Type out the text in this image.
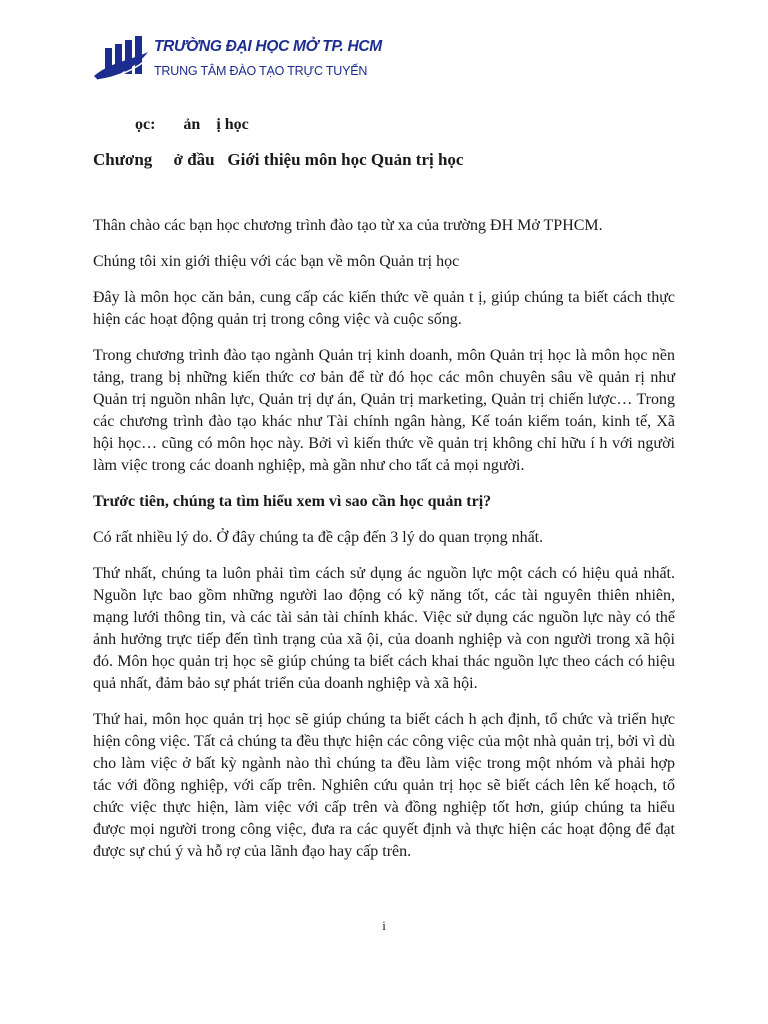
TRƯỜNG ĐẠI HỌC MỞ TP. HCM
TRUNG TÂM ĐÀO TẠO TRỰC TUYẾN
ọc:       ản    ị học
Chương     ở đầu   Giới thiệu môn học Quản trị học

Thân chào các bạn học chương trình đào tạo từ xa của trường ĐH Mở TPHCM.

Chúng tôi xin giới thiệu với các bạn về môn Quản trị học

Đây là môn học căn bản, cung cấp các kiến thức về quản t ị, giúp chúng ta biết cách thực hiện các hoạt động quản trị trong công việc và cuộc sống.

Trong chương trình đào tạo ngành Quản trị kinh doanh, môn Quản trị học là môn học nền tảng, trang bị những kiến thức cơ bản để từ đó học các môn chuyên sâu về quản rị như Quản trị nguồn nhân lực, Quản trị dự án, Quản trị marketing, Quản trị chiến lược… Trong các chương trình đào tạo khác như Tài chính ngân hàng, Kế toán kiểm toán, kinh tế, Xã hội học… cũng có môn học này. Bởi vì kiến thức về quản trị không chỉ hữu í h với người làm việc trong các doanh nghiệp, mà gần như cho tất cả mọi người.

Trước tiên, chúng ta tìm hiểu xem vì sao cần học quản trị?

Có rất nhiều lý do. Ở đây chúng ta đề cập đến 3 lý do quan trọng nhất.

Thứ nhất, chúng ta luôn phải tìm cách sử dụng ác nguồn lực một cách có hiệu quả nhất. Nguồn lực bao gồm những người lao động có kỹ năng tốt, các tài nguyên thiên nhiên, mạng lưới thông tin, và các tài sản tài chính khác. Việc sử dụng các nguồn lực này có thể ảnh hưởng trực tiếp đến tình trạng của xã ội, của doanh nghiệp và con người trong xã hội đó. Môn học quản trị học sẽ giúp chúng ta biết cách khai thác nguồn lực theo cách có hiệu quả nhất, đảm bảo sự phát triển của doanh nghiệp và xã hội.

Thứ hai, môn học quản trị học sẽ giúp chúng ta biết cách h ạch định, tổ chức và triển hực hiện công việc. Tất cả chúng ta đều thực hiện các công việc của một nhà quản trị, bởi vì dù cho làm việc ở bất kỳ ngành nào thì chúng ta đều làm việc trong một nhóm và phải hợp tác với đồng nghiệp, với cấp trên. Nghiên cứu quản trị học sẽ biết cách lên kế hoạch, tổ chức việc thực hiện, làm việc với cấp trên và đồng nghiệp tốt hơn, giúp chúng ta hiểu được mọi người trong công việc, đưa ra các quyết định và thực hiện các hoạt động để đạt được sự chú ý và hỗ rợ của lãnh đạo hay cấp trên.

i
